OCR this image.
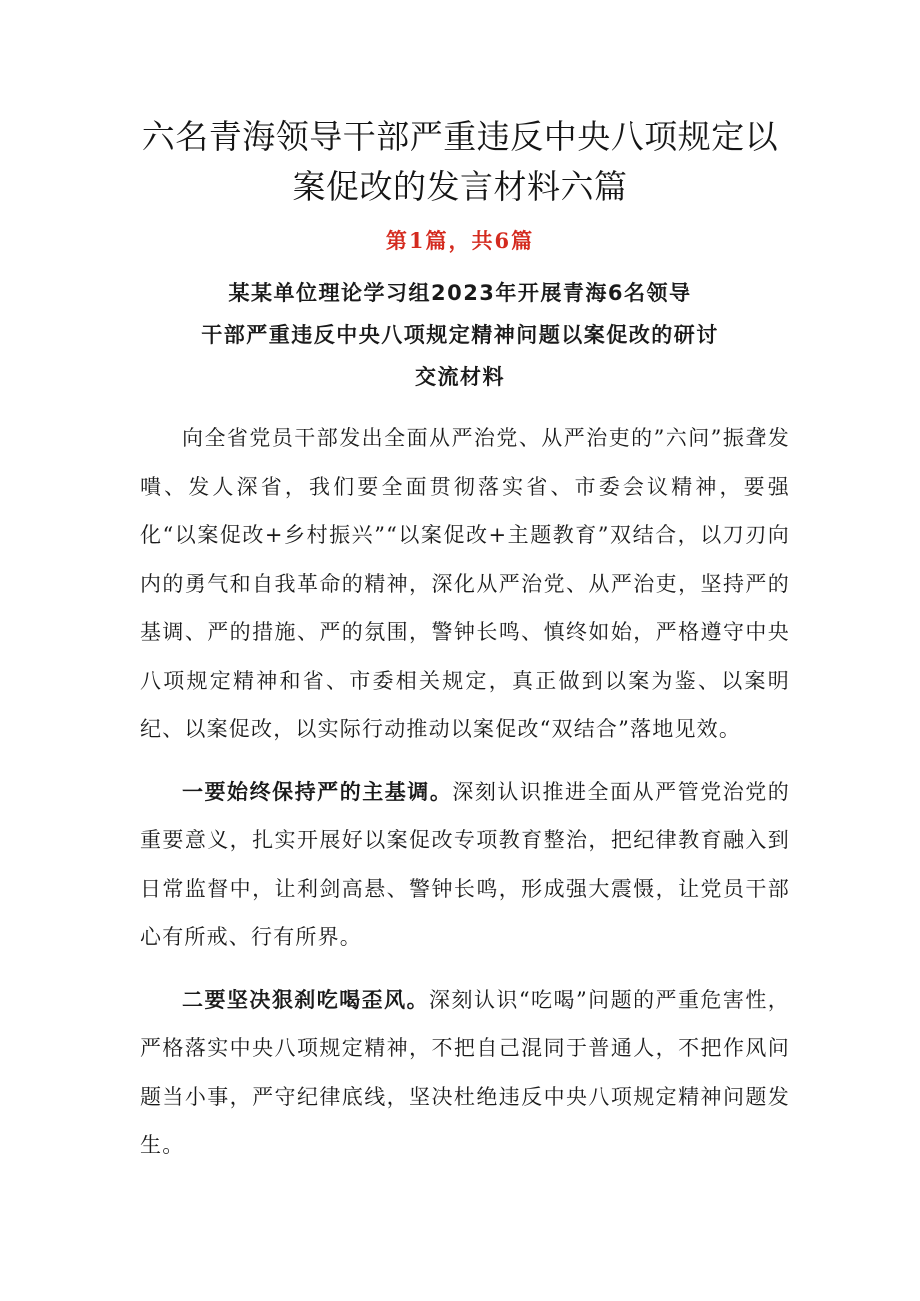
六名青海领导干部严重违反中央八项规定以
案促改的发言材料六篇
第1篇，共6篇
某某单位理论学习组2023年开展青海6名领导
干部严重违反中央八项规定精神问题以案促改的研讨
交流材料

向全省党员干部发出全面从严治党、从严治吏的”六问”振聋发嘳、发人深省，我们要全面贯彻落实省、市委会议精神，要强化“以案促改+乡村振兴”“以案促改+主题教育”双结合，以刀刃向内的勇气和自我革命的精神，深化从严治党、从严治吏，坚持严的基调、严的措施、严的氛围，警钟长鸣、慎终如始，严格遵守中央八项规定精神和省、市委相关规定，真正做到以案为鉴、以案明纪、以案促改，以实际行动推动以案促改“双结合”落地见效。

一要始终保持严的主基调。深刻认识推进全面从严管党治党的重要意义，扎实开展好以案促改专项教育整治，把纪律教育融入到日常监督中，让利剑高悬、警钟长鸣，形成强大震慑，让党员干部心有所戒、行有所界。

二要坚决狠刹吃喝歪风。深刻认识“吃喝”问题的严重危害性，严格落实中央八项规定精神，不把自己混同于普通人，不把作风问题当小事，严守纪律底线，坚决杜绝违反中央八项规定精神问题发生。
